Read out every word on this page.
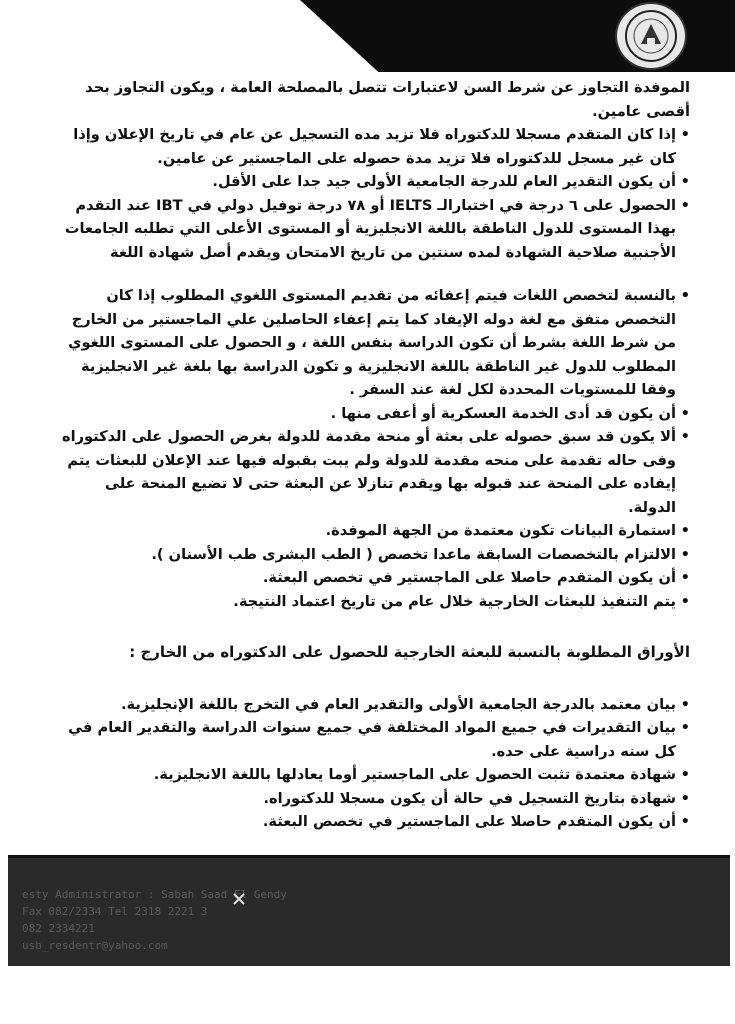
الموفدة التجاوز عن شرط السن لاعتبارات تتصل بالمصلحة العامة ، ويكون التجاوز بحد أقصى عامين.

• إذا كان المتقدم مسجلا للدكتوراه فلا تزيد مده التسجيل عن عام في تاريخ الإعلان وإذا كان غير مسجل للدكتوراه فلا تزيد مدة حصوله على الماجستير عن عامين.
• أن يكون التقدير العام للدرجة الجامعية الأولى جيد جدا على الأقل.
• الحصول على ٦ درجة في اختبارالـ IELTS أو ٧٨ درجة توفيل دولي في IBT عند التقدم بهذا المستوى للدول الناطقة باللغة الانجليزية أو المستوى الأعلى التي تطلبه الجامعات الأجنبية صلاحية الشهادة لمده سنتين من تاريخ الامتحان ويقدم أصل شهادة اللغة
• بالنسبة لتخصص اللغات فيتم إعفائه من تقديم المستوى اللغوي المطلوب إذا كان التخصص متفق مع لغة دوله الإيفاد كما يتم إعفاء الحاصلين علي الماجستير من الخارج من شرط اللغة بشرط أن تكون الدراسة بنفس اللغة ، و الحصول على المستوى اللغوي المطلوب للدول غير الناطقة باللغة الانجليزية و تكون الدراسة بها بلغة غير الانجليزية وفقا للمستويات المحددة لكل لغة عند السفر .
• أن يكون قد أدى الخدمة العسكرية أو أعفى منها .
• ألا يكون قد سبق حصوله على بعثة أو منحة مقدمة للدولة بغرض الحصول على الدكتوراه وفى حاله تقدمة على منحه مقدمة للدولة ولم يبت بقبوله فيها عند الإعلان للبعثات يتم إيفاده على المنحة عند قبوله بها ويقدم تنازلا عن البعثة حتى لا تضيع المنحة على الدولة.
• استمارة البيانات تكون معتمدة من الجهة الموفدة.
• الالتزام بالتخصصات السابقة ماعدا تخصص ( الطب البشرى طب الأسنان ).
• أن يكون المتقدم حاصلا على الماجستير في تخصص البعثة.
• يتم التنفيذ للبعثات الخارجية خلال عام من تاريخ اعتماد النتيجة.

الأوراق المطلوبة بالنسبة للبعثة الخارجية للحصول على الدكتوراه من الخارج :

• بيان معتمد بالدرجة الجامعية الأولى والتقدير العام في التخرج باللغة الإنجليزية.
• بيان التقديرات في جميع المواد المختلفة في جميع سنوات الدراسة والتقدير العام في كل سنه دراسية على حده.
• شهادة معتمدة تثبت الحصول على الماجستير أوما يعادلها باللغة الانجليزية.
• شهادة بتاريخ التسجيل في حالة أن يكون مسجلا للدكتوراه.
• أن يكون المتقدم حاصلا على الماجستير في تخصص البعثة.
esty Administrator : Sabah Saad El Gendy
Fax 082/2334 Tel 2318 2221 3
082 2334221
usb_resdentr@yahoo.com
